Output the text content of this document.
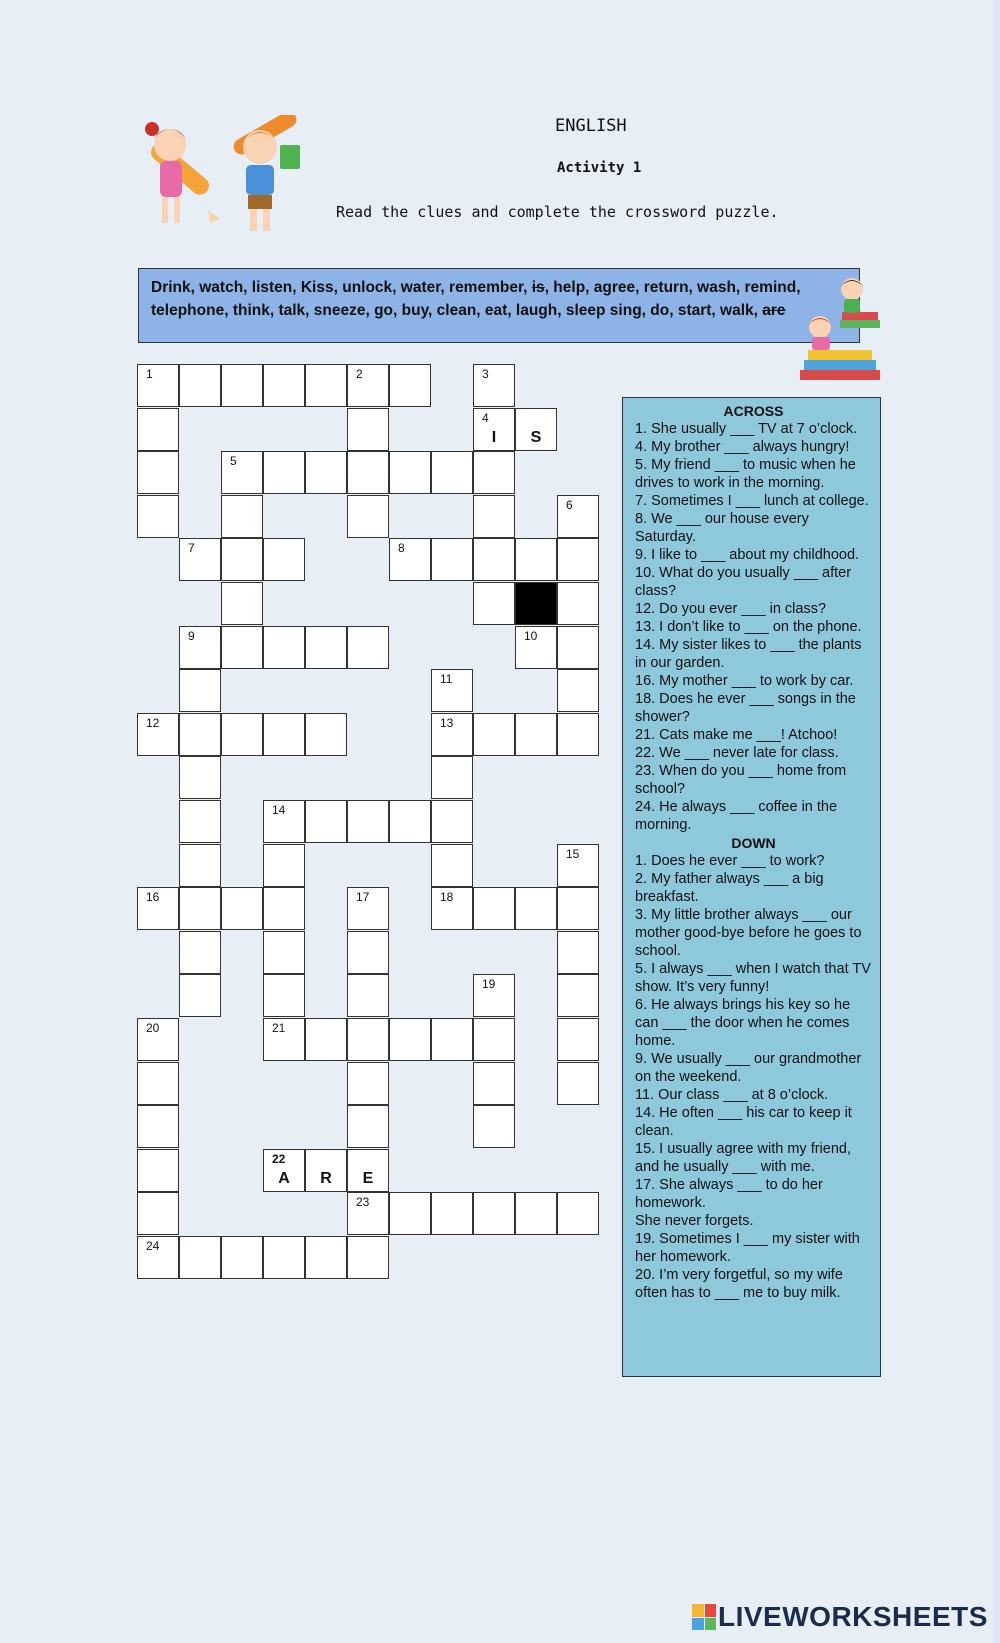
ENGLISH
Activity 1
Read the clues and complete the crossword puzzle.
Drink, watch, listen, Kiss, unlock, water, remember, is, help, agree, return, wash, remind, telephone, think, talk, sneeze, go, buy, clean, eat, laugh, sleep sing, do, start, walk, are
1	2	3
4
I	S
5
6
7	8
9	10
11
12	13
14
15
16	17	18
19
20	21
22
A	R	E
23
24
ACROSS
1. She usually ___ TV at 7 o’clock.
4. My brother ___ always hungry!
5. My friend ___ to music when he drives to work in the morning.
7. Sometimes I ___ lunch at college.
8. We ___ our house every Saturday.
9. I like to ___ about my childhood.
10. What do you usually ___ after class?
12. Do you ever ___ in class?
13. I don’t like to ___ on the phone.
14. My sister likes to ___ the plants in our garden.
16. My mother ___ to work by car.
18. Does he ever ___ songs in the shower?
21. Cats make me ___! Atchoo!
22. We ___ never late for class.
23. When do you ___ home from school?
24. He always ___ coffee in the morning.
DOWN
1. Does he ever ___ to work?
2. My father always ___ a big breakfast.
3. My little brother always ___ our mother good-bye before he goes to school.
5. I always ___ when I watch that TV show. It’s very funny!
6. He always brings his key so he can ___ the door when he comes home.
9. We usually ___ our grandmother on the weekend.
11. Our class ___ at 8 o’clock.
14. He often ___ his car to keep it clean.
15. I usually agree with my friend, and he usually ___ with me.
17. She always ___ to do her homework.
She never forgets.
19. Sometimes I ___ my sister with her homework.
20. I’m very forgetful, so my wife often has to ___ me to buy milk.
LIVEWORKSHEETS
